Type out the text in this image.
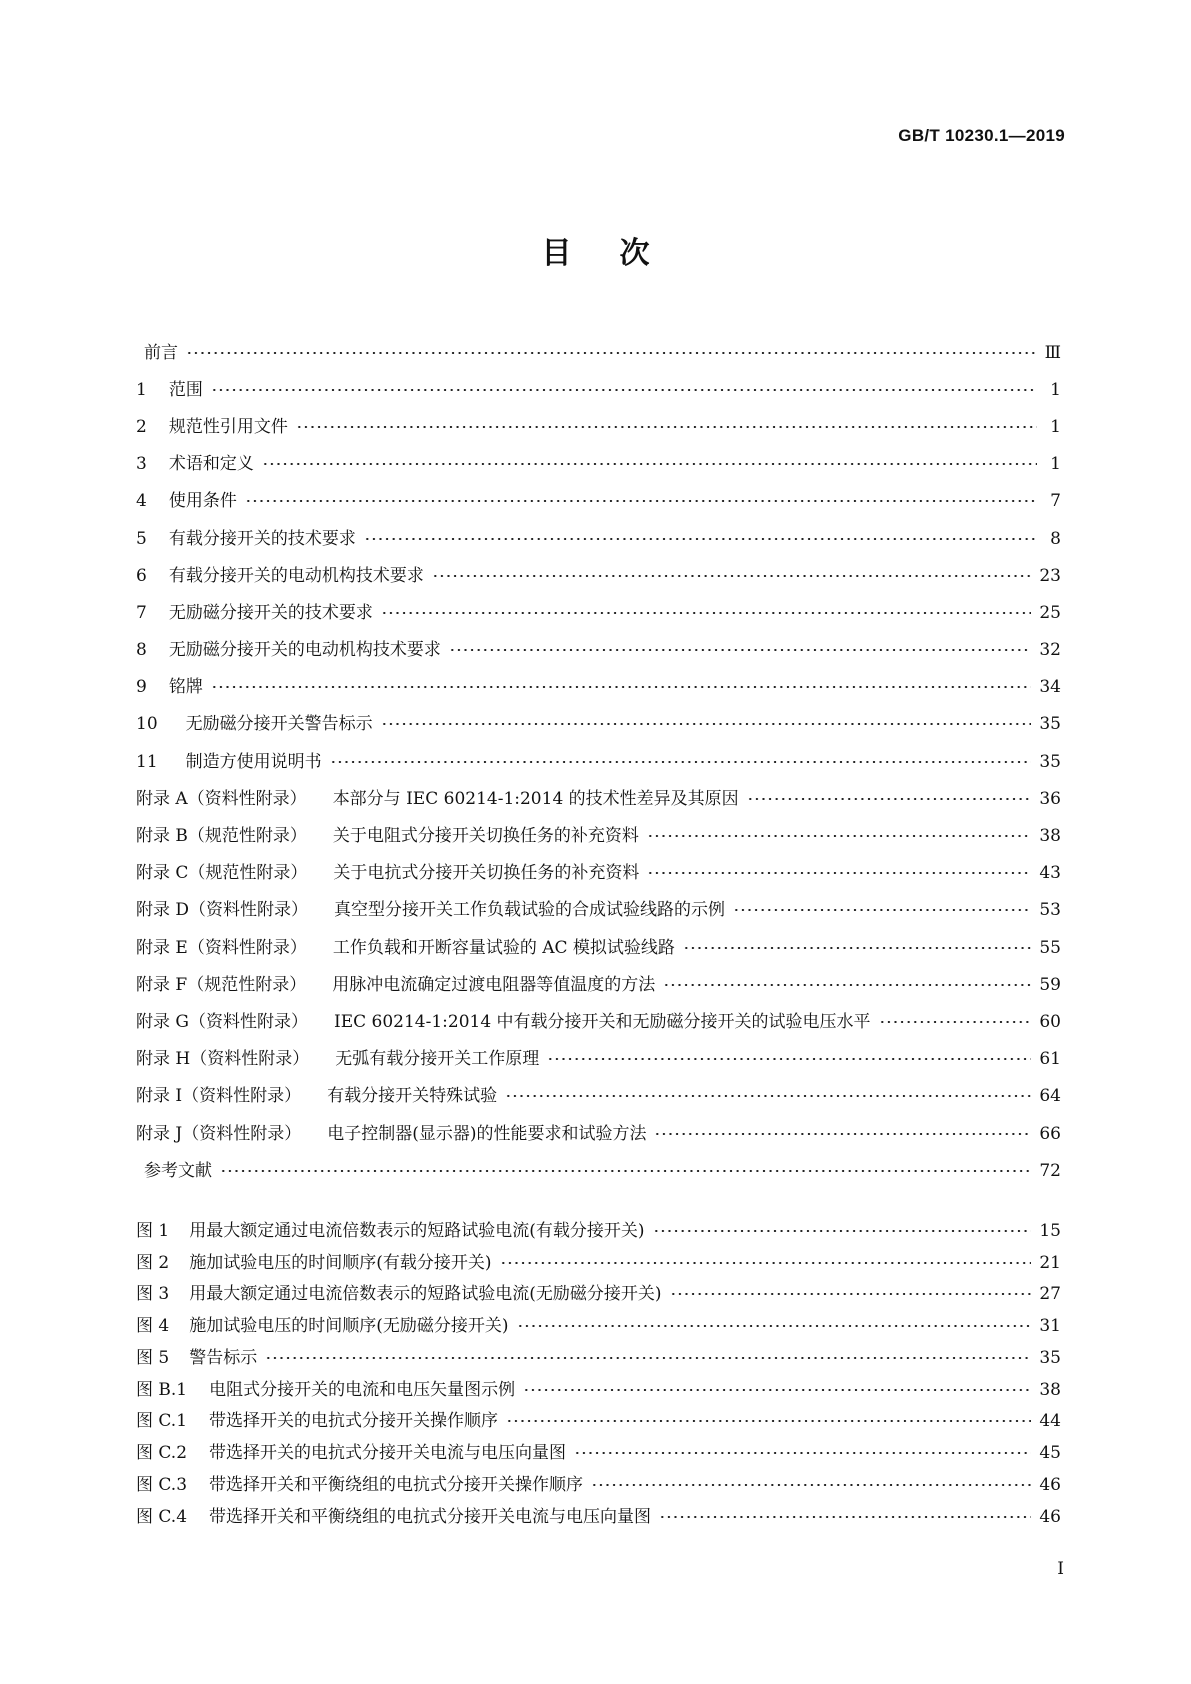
GB/T 10230.1—2019
目次
前言	Ⅲ
1 范围	1
2 规范性引用文件	1
3 术语和定义	1
4 使用条件	7
5 有载分接开关的技术要求	8
6 有载分接开关的电动机构技术要求	23
7 无励磁分接开关的技术要求	25
8 无励磁分接开关的电动机构技术要求	32
9 铭牌	34
10 无励磁分接开关警告标示	35
11 制造方使用说明书	35
附录 A（资料性附录） 本部分与 IEC 60214-1:2014 的技术性差异及其原因	36
附录 B（规范性附录） 关于电阻式分接开关切换任务的补充资料	38
附录 C（规范性附录） 关于电抗式分接开关切换任务的补充资料	43
附录 D（资料性附录） 真空型分接开关工作负载试验的合成试验线路的示例	53
附录 E（资料性附录） 工作负载和开断容量试验的 AC 模拟试验线路	55
附录 F（规范性附录） 用脉冲电流确定过渡电阻器等值温度的方法	59
附录 G（资料性附录） IEC 60214-1:2014 中有载分接开关和无励磁分接开关的试验电压水平	60
附录 H（资料性附录） 无弧有载分接开关工作原理	61
附录 I（资料性附录） 有载分接开关特殊试验	64
附录 J（资料性附录） 电子控制器(显示器)的性能要求和试验方法	66
参考文献	72
图 1 用最大额定通过电流倍数表示的短路试验电流(有载分接开关)	15
图 2 施加试验电压的时间顺序(有载分接开关)	21
图 3 用最大额定通过电流倍数表示的短路试验电流(无励磁分接开关)	27
图 4 施加试验电压的时间顺序(无励磁分接开关)	31
图 5 警告标示	35
图 B.1 电阻式分接开关的电流和电压矢量图示例	38
图 C.1 带选择开关的电抗式分接开关操作顺序	44
图 C.2 带选择开关的电抗式分接开关电流与电压向量图	45
图 C.3 带选择开关和平衡绕组的电抗式分接开关操作顺序	46
图 C.4 带选择开关和平衡绕组的电抗式分接开关电流与电压向量图	46
I
